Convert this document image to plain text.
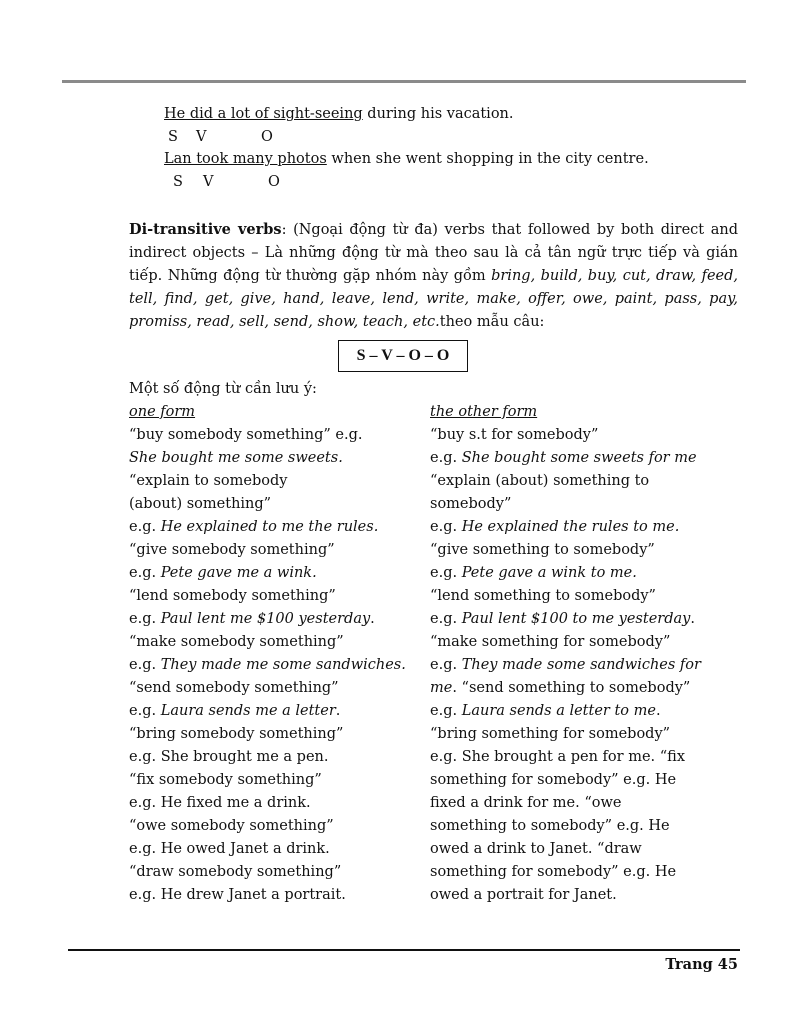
He did a lot of sight-seeing during his vacation.
S V	O
Lan took many photos when she went shopping in the city centre.
S V	O
Di-transitive verbs: (Ngoại động từ đa) verbs that followed by both direct and indirect objects – Là những động từ mà theo sau là cả tân ngữ trực tiếp và gián tiếp. Những động từ thường gặp nhóm này gồm bring, build, buy, cut, draw, feed, tell, find, get, give, hand, leave, lend, write, make, offer, owe, paint, pass, pay, promiss, read, sell, send, show, teach, etc.theo mẫu câu:
S – V – O – O
Một số động từ cần lưu ý:
one form
“buy somebody something” e.g.
She bought me some sweets.
“explain to somebody
(about) something”
e.g. He explained to me the rules.
“give somebody something”
e.g. Pete gave me a wink.
“lend somebody something”
e.g. Paul lent me $100 yesterday.
“make somebody something”
e.g. They made me some sandwiches.
“send somebody something”
e.g. Laura sends me a letter.
“bring somebody something”
e.g. She brought me a pen.
“fix somebody something”
e.g. He fixed me a drink.
“owe somebody something”
e.g. He owed Janet a drink.
“draw somebody something”
e.g. He drew Janet a portrait.
the other form
“buy s.t for somebody”
e.g. She bought some sweets for me
“explain (about) something to
somebody”
e.g. He explained the rules to me.
“give something to somebody”
e.g. Pete gave a wink to me.
“lend something to somebody”
e.g. Paul lent $100 to me yesterday.
“make something for somebody”
e.g. They made some sandwiches for
me. “send something to somebody”
e.g. Laura sends a letter to me.
“bring something for somebody”
e.g. She brought a pen for me. “fix
something for somebody” e.g. He
fixed a drink for me. “owe
something to somebody” e.g. He
owed a drink to Janet. “draw
something for somebody” e.g. He
owed a portrait for Janet.
Trang 45
